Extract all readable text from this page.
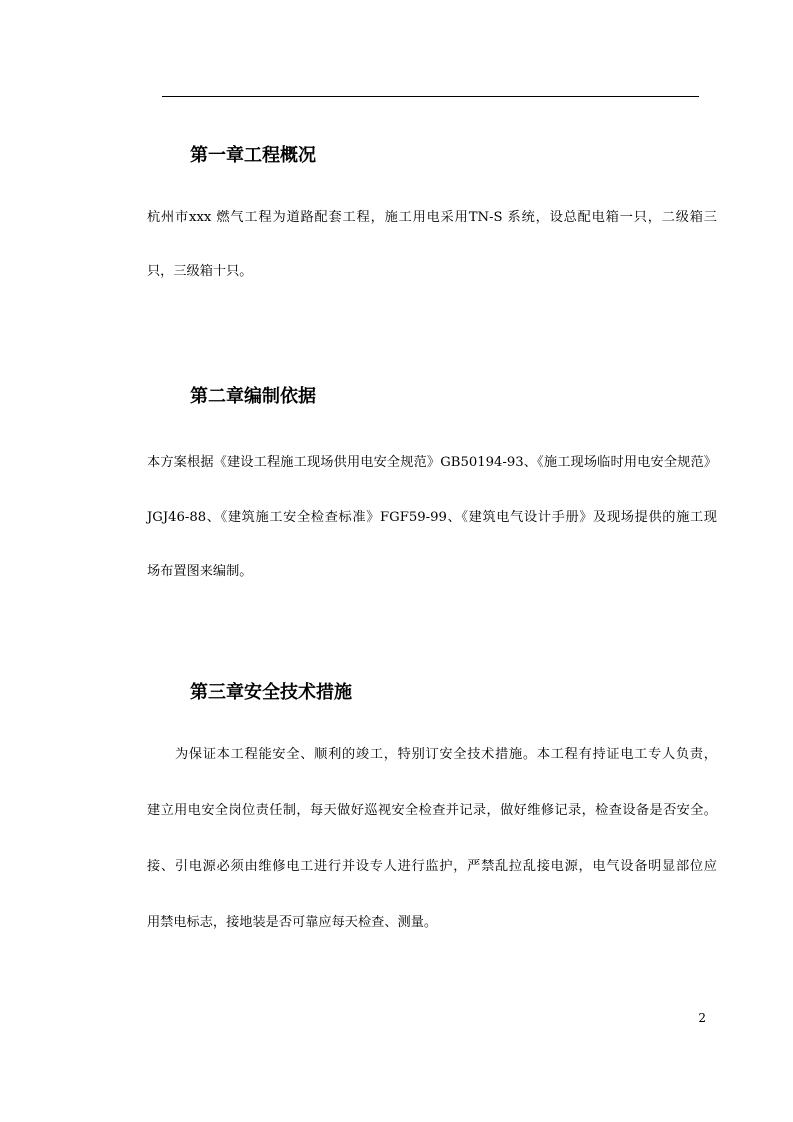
第一章工程概况

杭州市xxx 燃气工程为道路配套工程，施工用电采用TN-S 系统，设总配电箱一只，二级箱三

只，三级箱十只。

第二章编制依据

本方案根据《建设工程施工现场供用电安全规范》GB50194-93、《施工现场临时用电安全规范》

JGJ46-88、《建筑施工安全检查标准》FGF59-99、《建筑电气设计手册》及现场提供的施工现

场布置图来编制。

第三章安全技术措施

为保证本工程能安全、顺利的竣工，特别订安全技术措施。本工程有持证电工专人负责，

建立用电安全岗位责任制，每天做好巡视安全检查并记录，做好维修记录，检查设备是否安全。

接、引电源必须由维修电工进行并设专人进行监护，严禁乱拉乱接电源，电气设备明显部位应

用禁电标志，接地装是否可靠应每天检查、测量。

2
